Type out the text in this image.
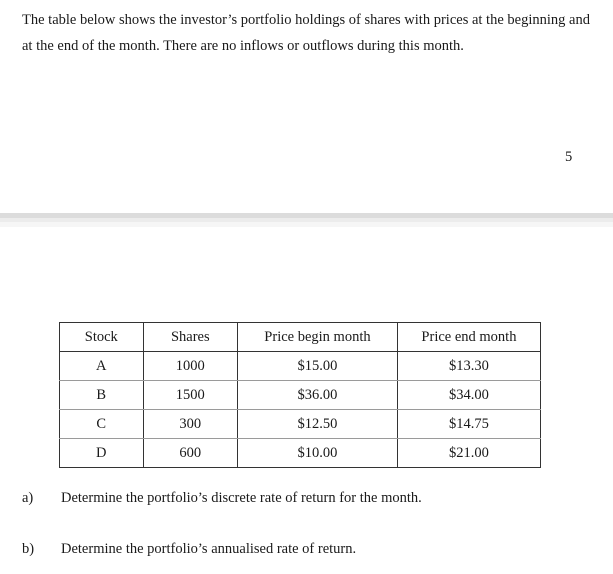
The table below shows the investor’s portfolio holdings of shares with prices at the beginning and at the end of the month. There are no inflows or outflows during this month.

5
Stock	Shares	Price begin month	Price end month
A	1000	$15.00	$13.30
B	1500	$36.00	$34.00
C	300	$12.50	$14.75
D	600	$10.00	$21.00
a) Determine the portfolio’s discrete rate of return for the month.
b) Determine the portfolio’s annualised rate of return.
